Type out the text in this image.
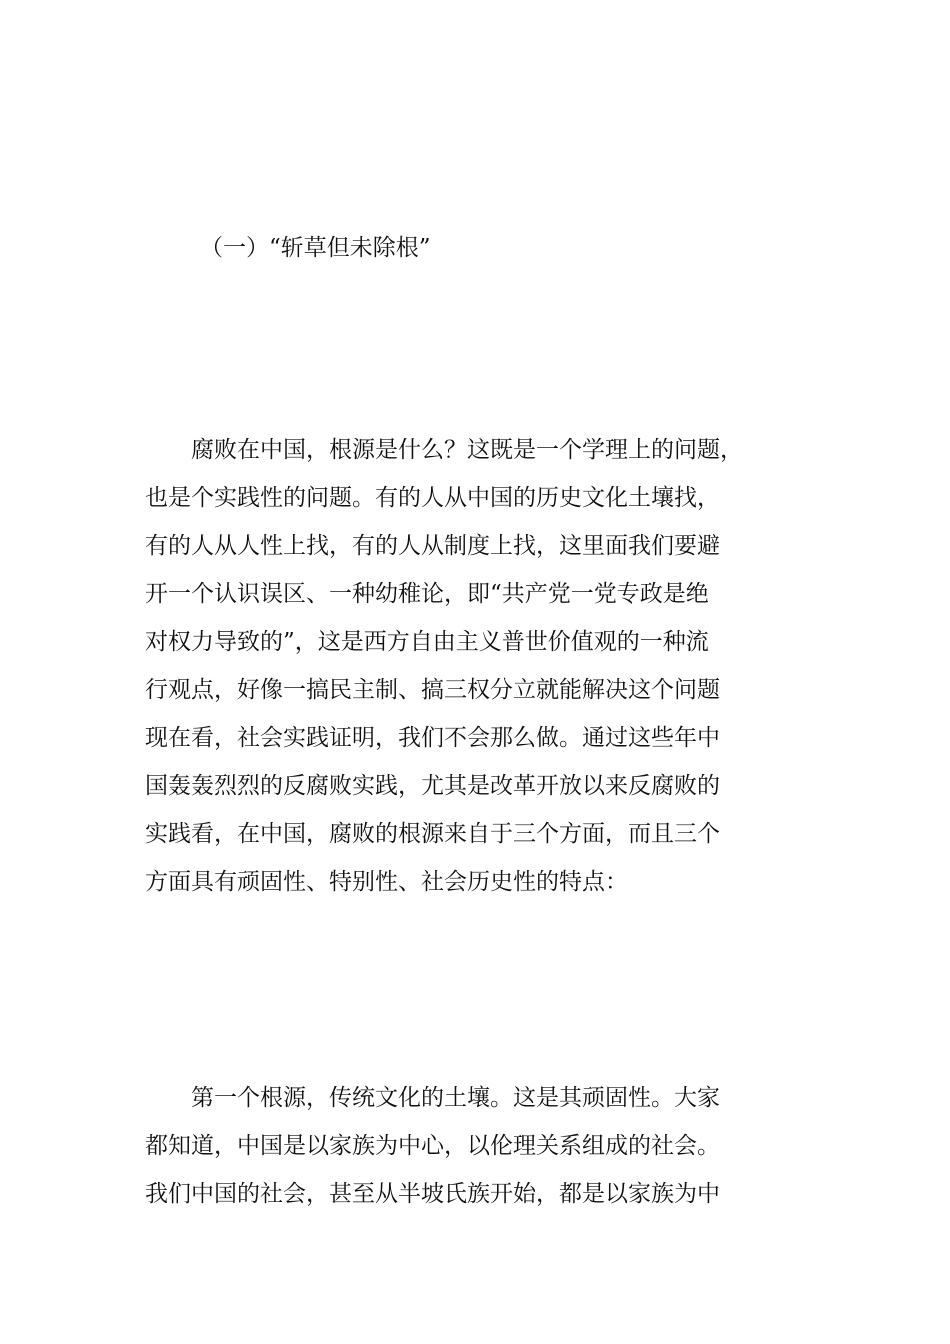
（一）“斩草但未除根”
　　腐败在中国，根源是什么？这既是一个学理上的问题，
也是个实践性的问题。有的人从中国的历史文化土壤找，
有的人从人性上找，有的人从制度上找，这里面我们要避
开一个认识误区、一种幼稚论，即“共产党一党专政是绝
对权力导致的”，这是西方自由主义普世价值观的一种流
行观点，好像一搞民主制、搞三权分立就能解决这个问题
现在看，社会实践证明，我们不会那么做。通过这些年中
国轰轰烈烈的反腐败实践，尤其是改革开放以来反腐败的
实践看，在中国，腐败的根源来自于三个方面，而且三个
方面具有顽固性、特别性、社会历史性的特点：
　　第一个根源，传统文化的土壤。这是其顽固性。大家
都知道，中国是以家族为中心，以伦理关系组成的社会。
我们中国的社会，甚至从半坡氏族开始，都是以家族为中
